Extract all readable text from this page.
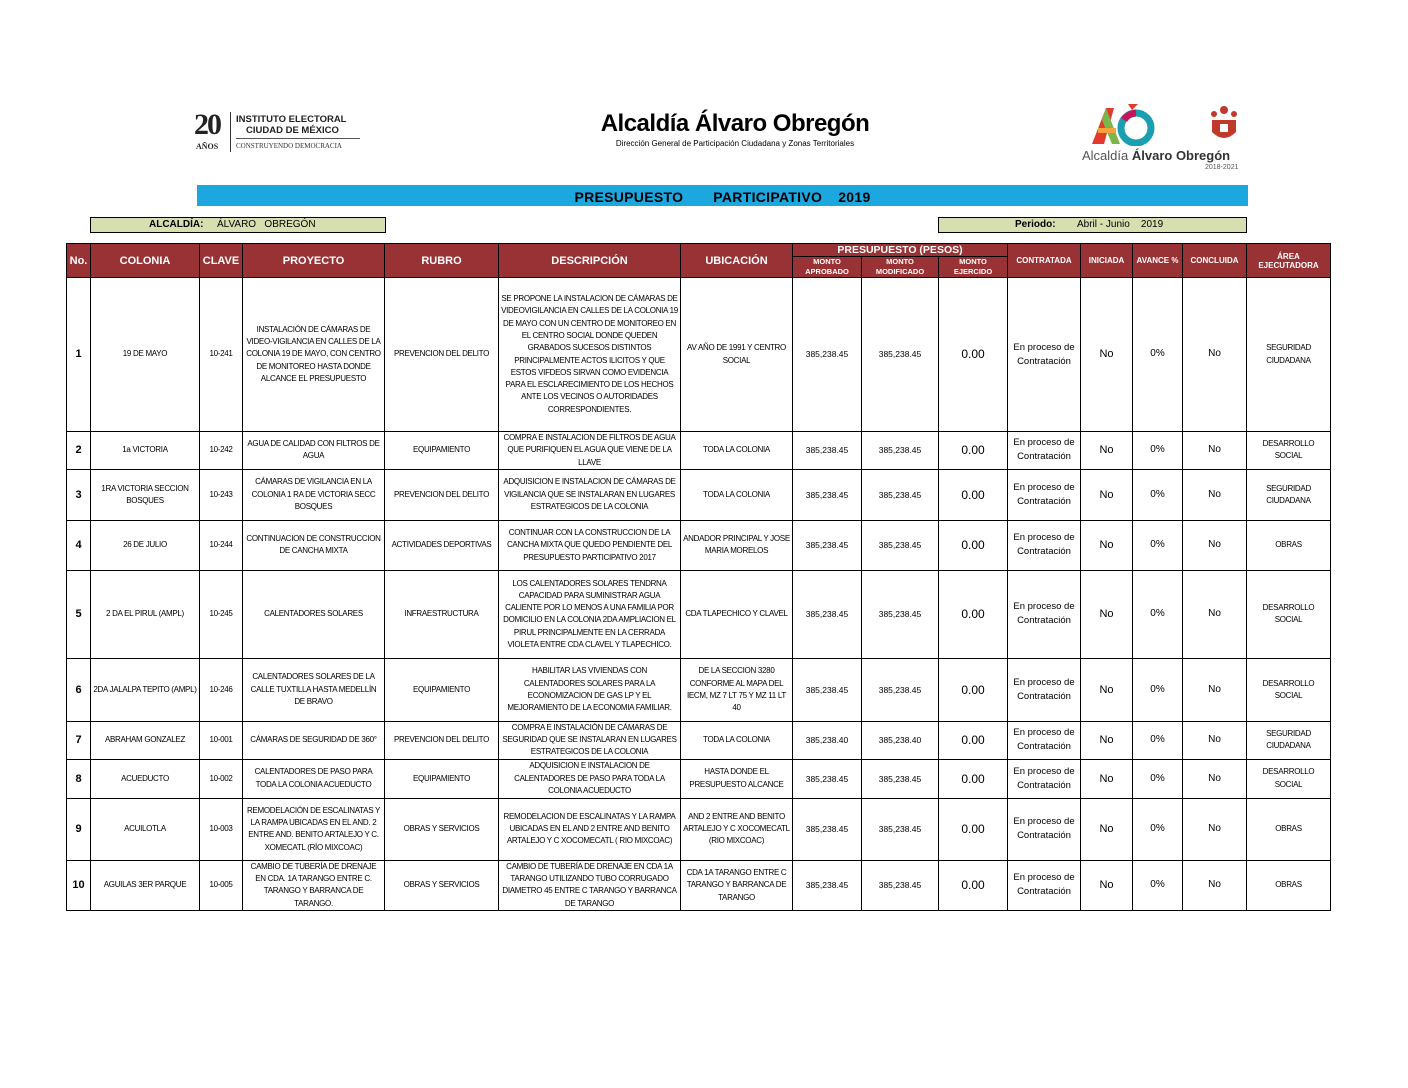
20
AÑOS
INSTITUTO ELECTORAL
CIUDAD DE MÉXICO
CONSTRUYENDO DEMOCRACIA
Alcaldía Álvaro Obregón
Dirección General de Participación Ciudadana y Zonas Territoriales
Alcaldía Álvaro Obregón
2018-2021
PRESUPUESTO PARTICIPATIVO 2019
ALCALDÍA: ÁLVARO   OBREGÓN	Periodo: Abril - Junio    2019
No.	COLONIA	CLAVE	PROYECTO	RUBRO	DESCRIPCIÓN	UBICACIÓN	PRESUPUESTO (PESOS)			CONTRATADA	INICIADA	AVANCE %	CONCLUIDA	ÁREA EJECUTADORA
							MONTO APROBADO	MONTO MODIFICADO	MONTO EJERCIDO					
1	19 DE MAYO	10-241	INSTALACIÓN DE CÁMARAS DE VIDEO-VIGILANCIA EN CALLES DE LA COLONIA 19 DE MAYO, CON CENTRO DE MONITOREO HASTA DONDE ALCANCE EL PRESUPUESTO	PREVENCION DEL DELITO	SE PROPONE LA INSTALACION DE CÁMARAS DE VIDEOVIGILANCIA EN CALLES DE LA COLONIA 19 DE MAYO CON UN CENTRO DE MONITOREO EN EL CENTRO SOCIAL DONDE QUEDEN GRABADOS SUCESOS DISTINTOS PRINCIPALMENTE ACTOS ILICITOS Y QUE ESTOS VIFDEOS SIRVAN COMO EVIDENCIA PARA EL ESCLARECIMIENTO DE LOS HECHOS ANTE LOS VECINOS O AUTORIDADES CORRESPONDIENTES.	AV AÑO DE 1991 Y CENTRO SOCIAL	385,238.45	385,238.45	0.00	En proceso de Contratación	No	0%	No	SEGURIDAD CIUDADANA
2	1a VICTORIA	10-242	AGUA DE CALIDAD CON FILTROS DE AGUA	EQUIPAMIENTO	COMPRA E INSTALACION DE FILTROS DE AGUA QUE PURIFIQUEN EL AGUA QUE VIENE DE LA LLAVE	TODA LA COLONIA	385,238.45	385,238.45	0.00	En proceso de Contratación	No	0%	No	DESARROLLO SOCIAL
3	1RA VICTORIA SECCION BOSQUES	10-243	CÁMARAS DE VIGILANCIA EN LA COLONIA 1 RA DE VICTORIA SECC BOSQUES	PREVENCION DEL DELITO	ADQUISICION E INSTALACION DE CÁMARAS DE VIGILANCIA QUE SE INSTALARAN EN LUGARES ESTRATEGICOS DE LA COLONIA	TODA LA COLONIA	385,238.45	385,238.45	0.00	En proceso de Contratación	No	0%	No	SEGURIDAD CIUDADANA
4	26 DE JULIO	10-244	CONTINUACION DE CONSTRUCCION DE CANCHA MIXTA	ACTIVIDADES DEPORTIVAS	CONTINUAR CON LA CONSTRUCCION DE LA CANCHA MIXTA QUE QUEDO PENDIENTE DEL PRESUPUESTO PARTICIPATIVO 2017	ANDADOR PRINCIPAL Y JOSE MARIA MORELOS	385,238.45	385,238.45	0.00	En proceso de Contratación	No	0%	No	OBRAS
5	2 DA EL PIRUL (AMPL)	10-245	CALENTADORES SOLARES	INFRAESTRUCTURA	LOS CALENTADORES SOLARES TENDRNA CAPACIDAD PARA SUMINISTRAR AGUA CALIENTE POR LO MENOS A UNA FAMILIA POR DOMICILIO EN LA COLONIA 2DA AMPLIACION EL PIRUL PRINCIPALMENTE EN LA CERRADA VIOLETA ENTRE CDA CLAVEL Y TLAPECHICO.	CDA TLAPECHICO Y CLAVEL	385,238.45	385,238.45	0.00	En proceso de Contratación	No	0%	No	DESARROLLO SOCIAL
6	2DA JALALPA TEPITO (AMPL)	10-246	CALENTADORES SOLARES DE LA CALLE TUXTILLA HASTA MEDELLÍN DE BRAVO	EQUIPAMIENTO	HABILITAR LAS VIVIENDAS CON CALENTADORES SOLARES PARA LA ECONOMIZACION DE GAS LP Y EL MEJORAMIENTO DE LA ECONOMIA FAMILIAR.	DE LA SECCION 3280 CONFORME AL MAPA DEL IECM, MZ 7 LT 75 Y MZ 11 LT 40	385,238.45	385,238.45	0.00	En proceso de Contratación	No	0%	No	DESARROLLO SOCIAL
7	ABRAHAM GONZALEZ	10-001	CÁMARAS DE SEGURIDAD DE 360°	PREVENCION DEL DELITO	COMPRA E INSTALACIÓN DE CÁMARAS DE SEGURIDAD QUE SE INSTALARAN EN LUGARES ESTRATEGICOS DE LA COLONIA	TODA LA COLONIA	385,238.40	385,238.40	0.00	En proceso de Contratación	No	0%	No	SEGURIDAD CIUDADANA
8	ACUEDUCTO	10-002	CALENTADORES DE PASO PARA TODA LA COLONIA ACUEDUCTO	EQUIPAMIENTO	ADQUISICION E INSTALACION DE CALENTADORES DE PASO PARA TODA LA COLONIA ACUEDUCTO	HASTA DONDE EL PRESUPUESTO ALCANCE	385,238.45	385,238.45	0.00	En proceso de Contratación	No	0%	No	DESARROLLO SOCIAL
9	ACUILOTLA	10-003	REMODELACIÓN DE ESCALINATAS Y LA RAMPA UBICADAS EN EL AND. 2 ENTRE AND. BENITO ARTALEJO Y C. XOMECATL (RÍO MIXCOAC)	OBRAS Y SERVICIOS	REMODELACION DE ESCALINATAS Y LA RAMPA UBICADAS EN EL AND 2 ENTRE AND BENITO ARTALEJO Y C XOCOMECATL ( RIO MIXCOAC)	AND 2 ENTRE AND BENITO ARTALEJO Y C XOCOMECATL (RIO MIXCOAC)	385,238.45	385,238.45	0.00	En proceso de Contratación	No	0%	No	OBRAS
10	AGUILAS 3ER PARQUE	10-005	CAMBIO DE TUBERÍA DE DRENAJE EN CDA. 1A TARANGO ENTRE C. TARANGO Y BARRANCA DE TARANGO.	OBRAS Y SERVICIOS	CAMBIO DE TUBERÍA DE DRENAJE EN CDA 1A TARANGO UTILIZANDO TUBO CORRUGADO DIAMETRO 45 ENTRE C TARANGO Y BARRANCA DE TARANGO	CDA 1A TARANGO ENTRE C TARANGO Y BARRANCA DE TARANGO	385,238.45	385,238.45	0.00	En proceso de Contratación	No	0%	No	OBRAS
